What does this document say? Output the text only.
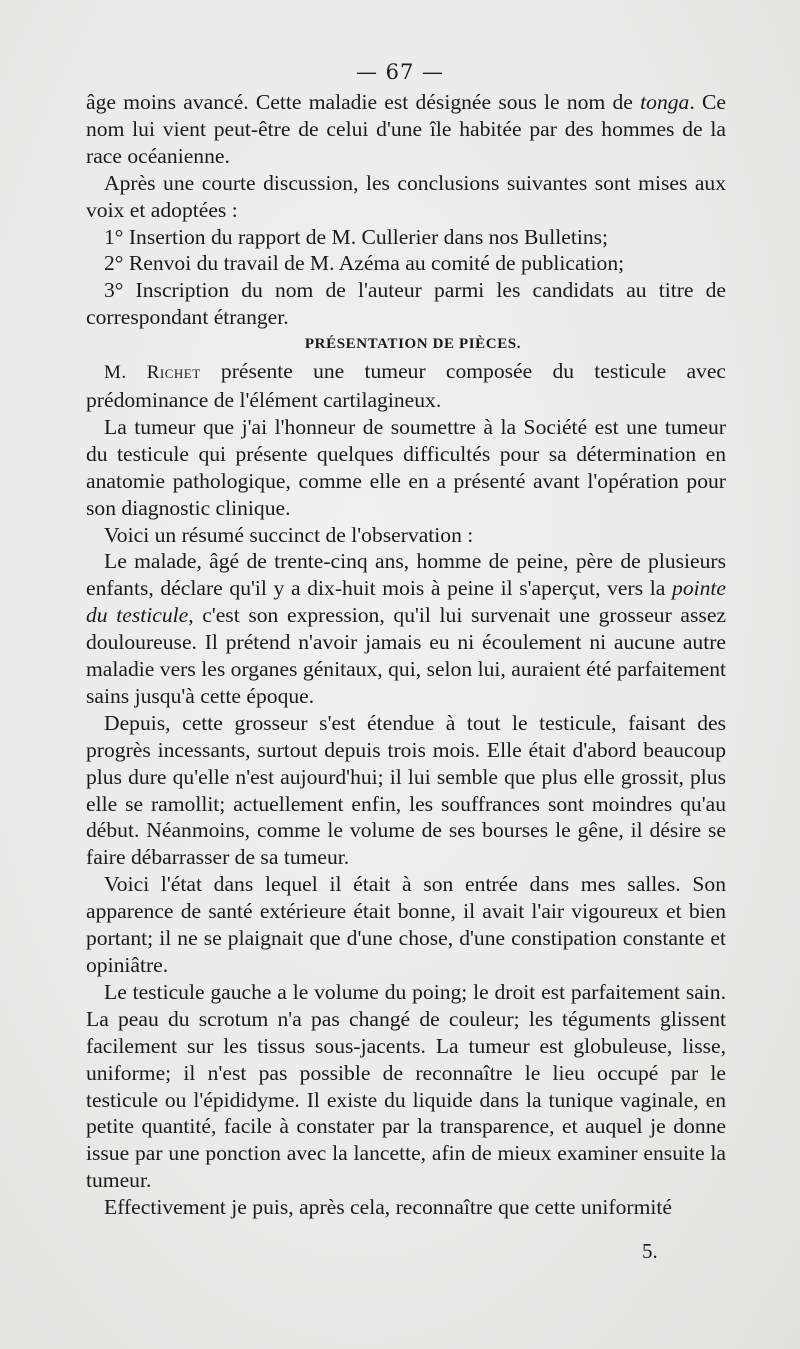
— 67 —

âge moins avancé. Cette maladie est désignée sous le nom de tonga. Ce nom lui vient peut-être de celui d'une île habitée par des hommes de la race océanienne.

Après une courte discussion, les conclusions suivantes sont mises aux voix et adoptées :

1° Insertion du rapport de M. Cullerier dans nos Bulletins;

2° Renvoi du travail de M. Azéma au comité de publication;

3° Inscription du nom de l'auteur parmi les candidats au titre de correspondant étranger.

PRÉSENTATION DE PIÈCES.

M. Richet présente une tumeur composée du testicule avec prédominance de l'élément cartilagineux.

La tumeur que j'ai l'honneur de soumettre à la Société est une tumeur du testicule qui présente quelques difficultés pour sa détermination en anatomie pathologique, comme elle en a présenté avant l'opération pour son diagnostic clinique.

Voici un résumé succinct de l'observation :

Le malade, âgé de trente-cinq ans, homme de peine, père de plusieurs enfants, déclare qu'il y a dix-huit mois à peine il s'aperçut, vers la pointe du testicule, c'est son expression, qu'il lui survenait une grosseur assez douloureuse. Il prétend n'avoir jamais eu ni écoulement ni aucune autre maladie vers les organes génitaux, qui, selon lui, auraient été parfaitement sains jusqu'à cette époque.

Depuis, cette grosseur s'est étendue à tout le testicule, faisant des progrès incessants, surtout depuis trois mois. Elle était d'abord beaucoup plus dure qu'elle n'est aujourd'hui; il lui semble que plus elle grossit, plus elle se ramollit; actuellement enfin, les souffrances sont moindres qu'au début. Néanmoins, comme le volume de ses bourses le gêne, il désire se faire débarrasser de sa tumeur.

Voici l'état dans lequel il était à son entrée dans mes salles. Son apparence de santé extérieure était bonne, il avait l'air vigoureux et bien portant; il ne se plaignait que d'une chose, d'une constipation constante et opiniâtre.

Le testicule gauche a le volume du poing; le droit est parfaitement sain. La peau du scrotum n'a pas changé de couleur; les téguments glissent facilement sur les tissus sous-jacents. La tumeur est globuleuse, lisse, uniforme; il n'est pas possible de reconnaître le lieu occupé par le testicule ou l'épididyme. Il existe du liquide dans la tunique vaginale, en petite quantité, facile à constater par la transparence, et auquel je donne issue par une ponction avec la lancette, afin de mieux examiner ensuite la tumeur.

Effectivement je puis, après cela, reconnaître que cette uniformité

5.
